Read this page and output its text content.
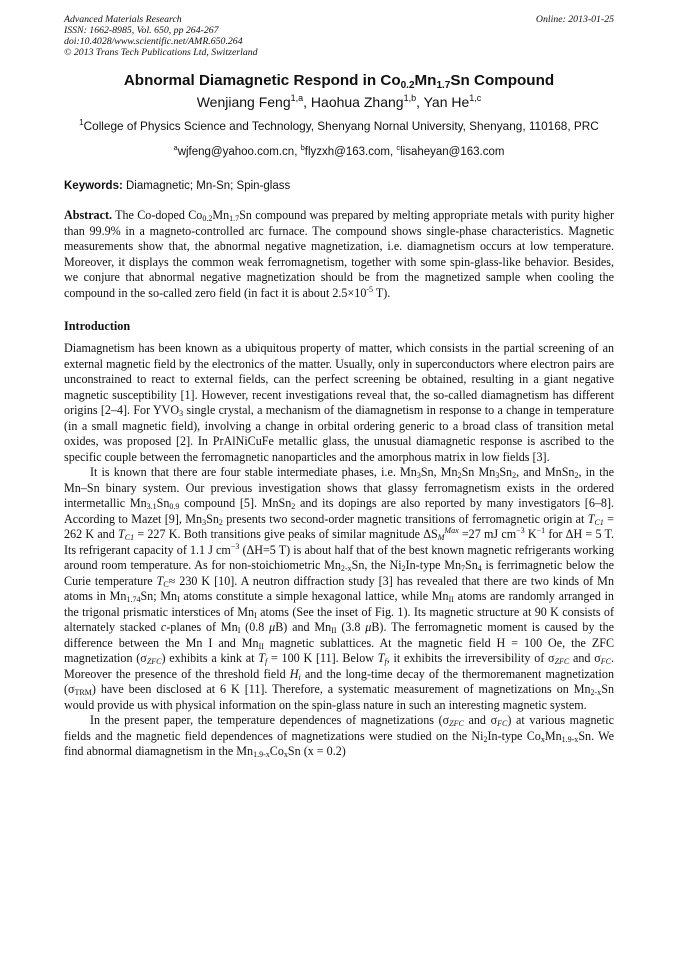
Advanced Materials Research
ISSN: 1662-8985, Vol. 650, pp 264-267
doi:10.4028/www.scientific.net/AMR.650.264
© 2013 Trans Tech Publications Ltd, Switzerland
Online: 2013-01-25
Abnormal Diamagnetic Respond in $Co_{0.2}Mn_{1.7}Sn$ Compound
Wenjiang Feng$^{1,a}$, Haohua Zhang$^{1,b}$, Yan He$^{1,c}$
$^1$College of Physics Science and Technology, Shenyang Nornal University, Shenyang, 110168, PRC
$^a$wjfeng@yahoo.com.cn, $^b$flyzxh@163.com, $^c$lisaheyan@163.com
Keywords: Diamagnetic; Mn-Sn; Spin-glass

Abstract. The Co-doped $Co_{0.2}Mn_{1.7}Sn$ compound was prepared by melting appropriate metals with purity higher than 99.9% in a magneto-controlled arc furnace. The compound shows single-phase characteristics. Magnetic measurements show that, the abnormal negative magnetization, i.e. diamagnetism occurs at low temperature. Moreover, it displays the common weak ferromagnetism, together with some spin-glass-like behavior. Besides, we conjure that abnormal negative magnetization should be from the magnetized sample when cooling the compound in the so-called zero field (in fact it is about $2.5\times 10^{-5}$ T).

Introduction

Diamagnetism has been known as a ubiquitous property of matter, which consists in the partial screening of an external magnetic field by the electronics of the matter. Usually, only in superconductors where electron pairs are unconstrained to react to external fields, can the perfect screening be obtained, resulting in a giant negative magnetic susceptibility [1]. However, recent investigations reveal that, the so-called diamagnetism has different origins [2–4]. For $YVO_3$ single crystal, a mechanism of the diamagnetism in response to a change in temperature (in a small magnetic field), involving a change in orbital ordering generic to a broad class of transition metal oxides, was proposed [2]. In PrAlNiCuFe metallic glass, the unusual diamagnetic response is ascribed to the specific couple between the ferromagnetic nanoparticles and the amorphous matrix in low fields [3].

It is known that there are four stable intermediate phases, i.e. $Mn_3Sn$, $Mn_2Sn$ $Mn_3Sn_2$, and MnSn$_2$, in the Mn–Sn binary system. Our previous investigation shows that glassy ferromagnetism exists in the ordered intermetallic $Mn_{3.1}Sn_{0.9}$ compound [5]. MnSn$_2$ and its dopings are also reported by many investigators [6–8]. According to Mazet [9], $Mn_3Sn_2$ presents two second-order magnetic transitions of ferromagnetic origin at $T_{C1} = 262$ K and $T_{C1} = 227$ K. Both transitions give peaks of similar magnitude $\Delta S_M^{Max} =27$ mJ $cm^{-3}$ $K^{-1}$ for ΔH = 5 T. Its refrigerant capacity of 1.1 J $cm^{-3}$ (ΔH=5 T) is about half that of the best known magnetic refrigerants working around room temperature. As for non-stoichiometric $Mn_{2-x}Sn$, the $Ni_2In$-type $Mn_7Sn_4$ is ferrimagnetic below the Curie temperature $T_C\approx 230$ K [10]. A neutron diffraction study [3] has revealed that there are two kinds of Mn atoms in $Mn_{1.74}Sn$; $Mn_I$ atoms constitute a simple hexagonal lattice, while $Mn_{II}$ atoms are randomly arranged in the trigonal prismatic interstices of $Mn_I$ atoms (See the inset of Fig. 1). Its magnetic structure at 90 K consists of alternately stacked c-planes of $Mn_I$ (0.8 μB) and $Mn_{II}$ (3.8 μB). The ferromagnetic moment is caused by the difference between the Mn I and $Mn_{II}$ magnetic sublattices. At the magnetic field H = 100 Oe, the ZFC magnetization $(\sigma_{ZFC})$ exhibits a kink at $T_f = 100$ K [11]. Below $T_f$, it exhibits the irreversibility of $\sigma_{ZFC}$ and $\sigma_{FC}$. Moreover the presence of the threshold field $H_i$ and the long-time decay of the thermoremanent magnetization $(\sigma_{TRM})$ have been disclosed at 6 K [11]. Therefore, a systematic measurement of magnetizations on $Mn_{2-x}Sn$ would provide us with physical information on the spin-glass nature in such an interesting magnetic system.

In the present paper, the temperature dependences of magnetizations ($\sigma_{ZFC}$ and $\sigma_{FC}$) at various magnetic fields and the magnetic field dependences of magnetizations were studied on the $Ni_2In$-type $Co_xMn_{1.9-x}Sn$. We find abnormal diamagnetism in the $Mn_{1.9-x}Co_xSn$ (x = 0.2)
